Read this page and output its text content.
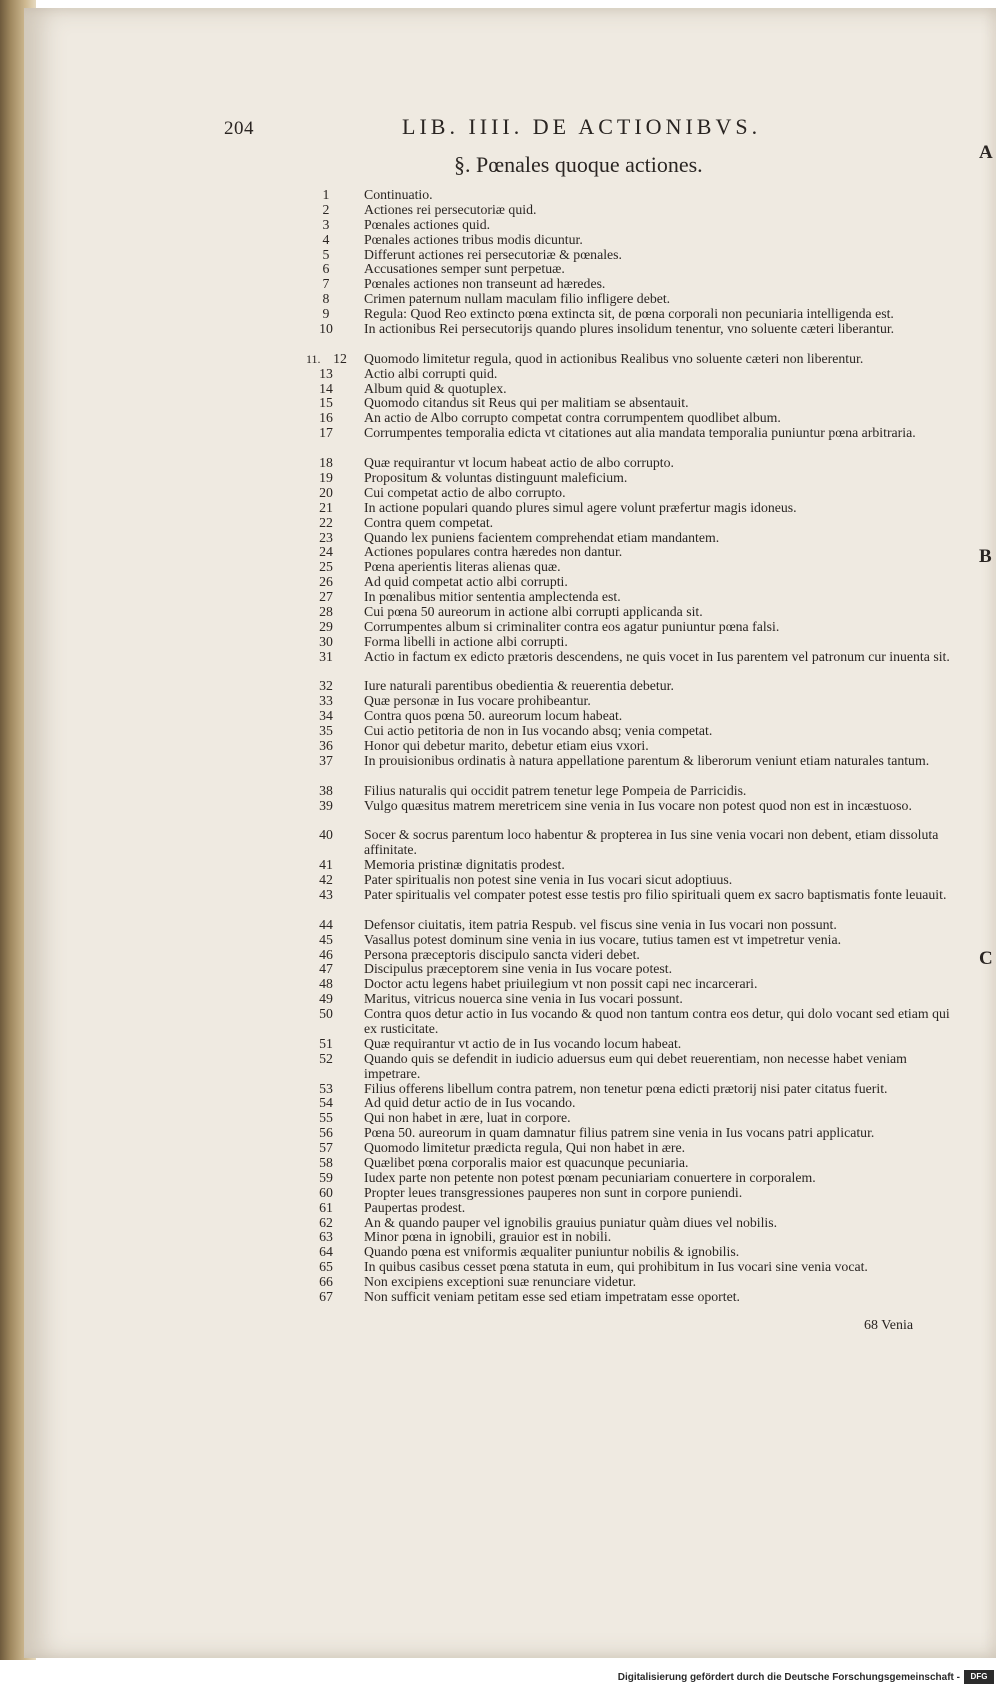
204	LIB. IIII. DE ACTIONIBVS.
§. Pœnales quoque actiones.	A
B
C
1	Continuatio.
2	Actiones rei persecutoriæ quid.
3	Pœnales actiones quid.
4	Pœnales actiones tribus modis dicuntur.
5	Differunt actiones rei persecutoriæ & pœnales.
6	Accusationes semper sunt perpetuæ.
7	Pœnales actiones non transeunt ad hæredes.
8	Crimen paternum nullam maculam filio infligere debet.
9	Regula: Quod Reo extincto pœna extincta sit, de pœna corporali non pecuniaria intelligenda est.
10	In actionibus Rei persecutorijs quando plures insolidum tenentur, vno soluente cæteri liberantur.
11. 12	Quomodo limitetur regula, quod in actionibus Realibus vno soluente cæteri non liberentur.
13	Actio albi corrupti quid.
14	Album quid & quotuplex.
15	Quomodo citandus sit Reus qui per malitiam se absentauit.
16	An actio de Albo corrupto competat contra corrumpentem quodlibet album.
17	Corrumpentes temporalia edicta vt citationes aut alia mandata temporalia puniuntur pœna arbitraria.
18	Quæ requirantur vt locum habeat actio de albo corrupto.
19	Propositum & voluntas distinguunt maleficium.
20	Cui competat actio de albo corrupto.
21	In actione populari quando plures simul agere volunt præfertur magis idoneus.
22	Contra quem competat.
23	Quando lex puniens facientem comprehendat etiam mandantem.
24	Actiones populares contra hæredes non dantur.
25	Pœna aperientis literas alienas quæ.
26	Ad quid competat actio albi corrupti.
27	In pœnalibus mitior sententia amplectenda est.
28	Cui pœna 50 aureorum in actione albi corrupti applicanda sit.
29	Corrumpentes album si criminaliter contra eos agatur puniuntur pœna falsi.
30	Forma libelli in actione albi corrupti.
31	Actio in factum ex edicto prætoris descendens, ne quis vocet in Ius parentem vel patronum cur inuenta sit.
32	Iure naturali parentibus obedientia & reuerentia debetur.
33	Quæ personæ in Ius vocare prohibeantur.
34	Contra quos pœna 50. aureorum locum habeat.
35	Cui actio petitoria de non in Ius vocando absq; venia competat.
36	Honor qui debetur marito, debetur etiam eius vxori.
37	In prouisionibus ordinatis à natura appellatione parentum & liberorum veniunt etiam naturales tantum.
38	Filius naturalis qui occidit patrem tenetur lege Pompeia de Parricidis.
39	Vulgo quæsitus matrem meretricem sine venia in Ius vocare non potest quod non est in incæstuoso.
40	Socer & socrus parentum loco habentur & propterea in Ius sine venia vocari non debent, etiam dissoluta affinitate.
41	Memoria pristinæ dignitatis prodest.
42	Pater spiritualis non potest sine venia in Ius vocari sicut adoptiuus.
43	Pater spiritualis vel compater potest esse testis pro filio spirituali quem ex sacro baptismatis fonte leuauit.
44	Defensor ciuitatis, item patria Respub. vel fiscus sine venia in Ius vocari non possunt.
45	Vasallus potest dominum sine venia in ius vocare, tutius tamen est vt impetretur venia.
46	Persona præceptoris discipulo sancta videri debet.
47	Discipulus præceptorem sine venia in Ius vocare potest.
48	Doctor actu legens habet priuilegium vt non possit capi nec incarcerari.
49	Maritus, vitricus nouerca sine venia in Ius vocari possunt.
50	Contra quos detur actio in Ius vocando & quod non tantum contra eos detur, qui dolo vocant sed etiam qui ex rusticitate.
51	Quæ requirantur vt actio de in Ius vocando locum habeat.
52	Quando quis se defendit in iudicio aduersus eum qui debet reuerentiam, non necesse habet veniam impetrare.
53	Filius offerens libellum contra patrem, non tenetur pœna edicti prætorij nisi pater citatus fuerit.
54	Ad quid detur actio de in Ius vocando.
55	Qui non habet in ære, luat in corpore.
56	Pœna 50. aureorum in quam damnatur filius patrem sine venia in Ius vocans patri applicatur.
57	Quomodo limitetur prædicta regula, Qui non habet in ære.
58	Quælibet pœna corporalis maior est quacunque pecuniaria.
59	Iudex parte non petente non potest pœnam pecuniariam conuertere in corporalem.
60	Propter leues transgressiones pauperes non sunt in corpore puniendi.
61	Paupertas prodest.
62	An & quando pauper vel ignobilis grauius puniatur quàm diues vel nobilis.
63	Minor pœna in ignobili, grauior est in nobili.
64	Quando pœna est vniformis æqualiter puniuntur nobilis & ignobilis.
65	In quibus casibus cesset pœna statuta in eum, qui prohibitum in Ius vocari sine venia vocat.
66	Non excipiens exceptioni suæ renunciare videtur.
67	Non sufficit veniam petitam esse sed etiam impetratam esse oportet.
68 Venia
Digitalisierung gefördert durch die Deutsche Forschungsgemeinschaft -	DFG
